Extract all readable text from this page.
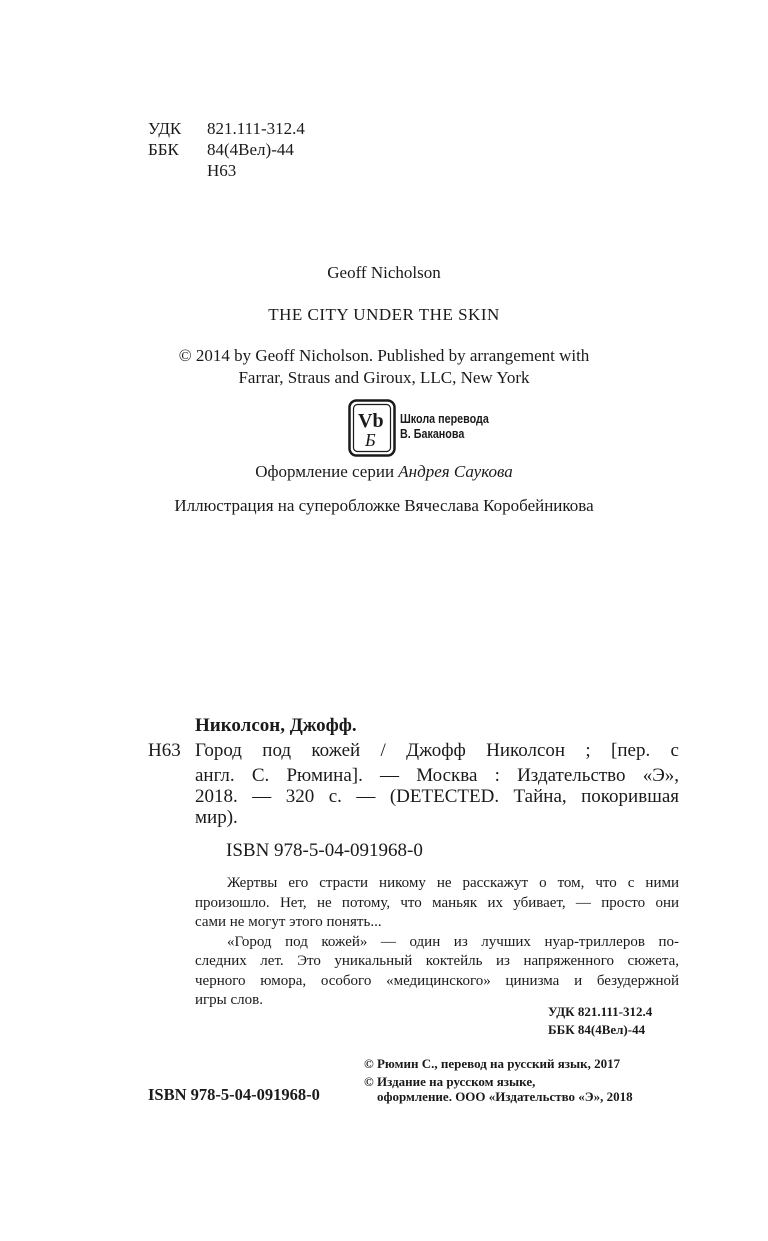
УДК 821.111-312.4
ББК 84(4Вел)-44
Н63
Geoff Nicholson
THE CITY UNDER THE SKIN
© 2014 by Geoff Nicholson. Published by arrangement with
Farrar, Straus and Giroux, LLC, New York
Vb
Б
Школа перевода
В. Баканова
Оформление серии Андрея Саукова
Иллюстрация на суперобложке Вячеслава Коробейникова
Николсон, Джофф.
Н63 Город под кожей / Джофф Николсон ; [пер. с
англ. С. Рюмина]. — Москва : Издательство «Э»,
2018. — 320 с. — (DETECTED. Тайна, покорившая
мир).
ISBN 978-5-04-091968-0
Жертвы его страсти никому не расскажут о том, что с ними
произошло. Нет, не потому, что маньяк их убивает, — просто они
сами не могут этого понять...
«Город под кожей» — один из лучших нуар-триллеров по-
следних лет. Это уникальный коктейль из напряженного сюжета,
черного юмора, особого «медицинского» цинизма и безудержной
игры слов.
УДК 821.111-312.4
ББК 84(4Вел)-44
© Рюмин С., перевод на русский язык, 2017
© Издание на русском языке,
оформление. ООО «Издательство «Э», 2018
ISBN 978-5-04-091968-0
